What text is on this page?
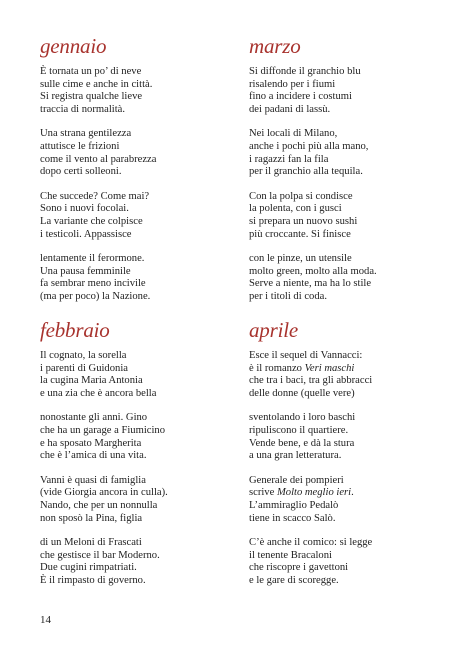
gennaio
È tornata un po’ di neve
sulle cime e anche in città.
Si registra qualche lieve
traccia di normalità.
Una strana gentilezza
attutisce le frizioni
come il vento al parabrezza
dopo certi solleoni.
Che succede? Come mai?
Sono i nuovi focolai.
La variante che colpisce
i testicoli. Appassisce
lentamente il ferormone.
Una pausa femminile
fa sembrar meno incivile
(ma per poco) la Nazione.
febbraio
Il cognato, la sorella
i parenti di Guidonia
la cugina Maria Antonia
e una zia che è ancora bella
nonostante gli anni. Gino
che ha un garage a Fiumicino
e ha sposato Margherita
che è l’amica di una vita.
Vanni è quasi di famiglia
(vide Giorgia ancora in culla).
Nando, che per un nonnulla
non sposò la Pina, figlia
di un Meloni di Frascati
che gestisce il bar Moderno.
Due cugini rimpatriati.
È il rimpasto di governo.
marzo
Si diffonde il granchio blu
risalendo per i fiumi
fino a incidere i costumi
dei padani di lassù.
Nei locali di Milano,
anche i pochi più alla mano,
i ragazzi fan la fila
per il granchio alla tequila.
Con la polpa si condisce
la polenta, con i gusci
si prepara un nuovo sushi
più croccante. Si finisce
con le pinze, un utensile
molto green, molto alla moda.
Serve a niente, ma ha lo stile
per i titoli di coda.
aprile
Esce il sequel di Vannacci:
è il romanzo Veri maschi
che tra i baci, tra gli abbracci
delle donne (quelle vere)
sventolando i loro baschi
ripuliscono il quartiere.
Vende bene, e dà la stura
a una gran letteratura.
Generale dei pompieri
scrive Molto meglio ieri.
L’ammiraglio Pedalò
tiene in scacco Salò.
C’è anche il comico: si legge
il tenente Bracaloni
che riscopre i gavettoni
e le gare di scoregge.
14
